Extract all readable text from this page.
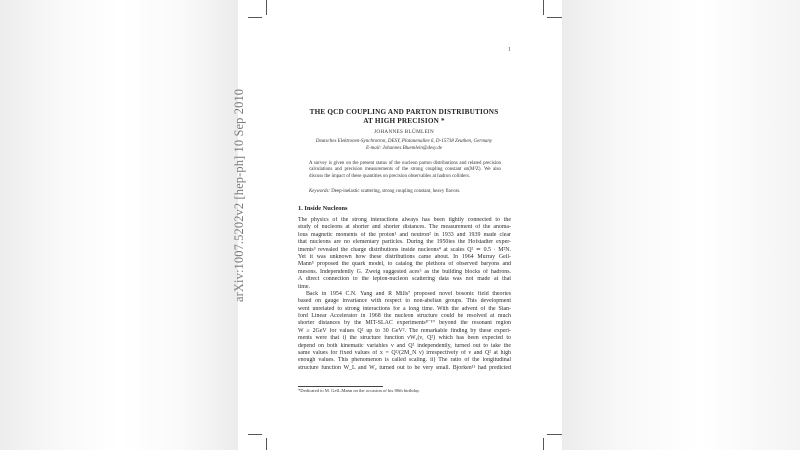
arXiv:1007.5202v2 [hep-ph] 10 Sep 2010
1
THE QCD COUPLING AND PARTON DISTRIBUTIONS
AT HIGH PRECISION *
JOHANNES BLÜMLEIN
Deutsches Elektronen-Synchrotron, DESY, Platanenallee 6, D-15738 Zeuthen, Germany
E-mail: Johannes.Bluemlein@desy.de
A survey is given on the present status of the nucleon parton distributions and related precision calculations and precision measurements of the strong coupling constant αs(M²Z). We also discuss the impact of these quantities on precision observables at hadron colliders.
Keywords: Deep-inelastic scattering, strong coupling constant, heavy flavors.
1. Inside Nucleons
The physics of the strong interactions always has been tightly connected to the
study of nucleons at shorter and shorter distances. The measurement of the anoma-
lous magnetic moments of the proton¹ and neutron² in 1933 and 1939 made clear
that nucleons are no elementary particles. During the 1950ies the Hofstadter exper-
iments³ revealed the charge distributions inside nucleons⁴ at scales Q² ≃ 0.5 · M²N.
Yet it was unknown how these distributions came about. In 1964 Murray Gell-
Mann⁵ proposed the quark model, to catalog the plethora of observed baryons and
mesons. Independently G. Zweig suggested aces⁶ as the building blocks of hadrons.
A direct connection to the lepton-nucleon scattering data was not made at that
time.
Back in 1954 C.N. Yang and R Mills⁷ proposed novel bosonic field theories
based on gauge invariance with respect to non-abelian groups. This development
went unrelated to strong interactions for a long time. With the advent of the Stan-
ford Linear Accelerator in 1968 the nucleon structure could be resolved at much
shorter distances by the MIT-SLAC experiments⁸⁻¹⁰ beyond the resonant region
W ≥ 2GeV for values Q² up to 30 GeV². The remarkable finding by these experi-
ments were that i) the structure function νW₂(ν, Q²) which has been expected to
depend on both kinematic variables ν and Q² independently, turned out to take the
same values for fixed values of x = Q²/(2M_N ν) irrespectively of ν and Q² at high
enough values. This phenomenon is called scaling. ii) The ratio of the longitudinal
structure function W_L and W₂ turned out to be very small. Bjorken¹¹ had predicted
*Dedicated to M. Gell–Mann on the occasion of his 80th birthday.
